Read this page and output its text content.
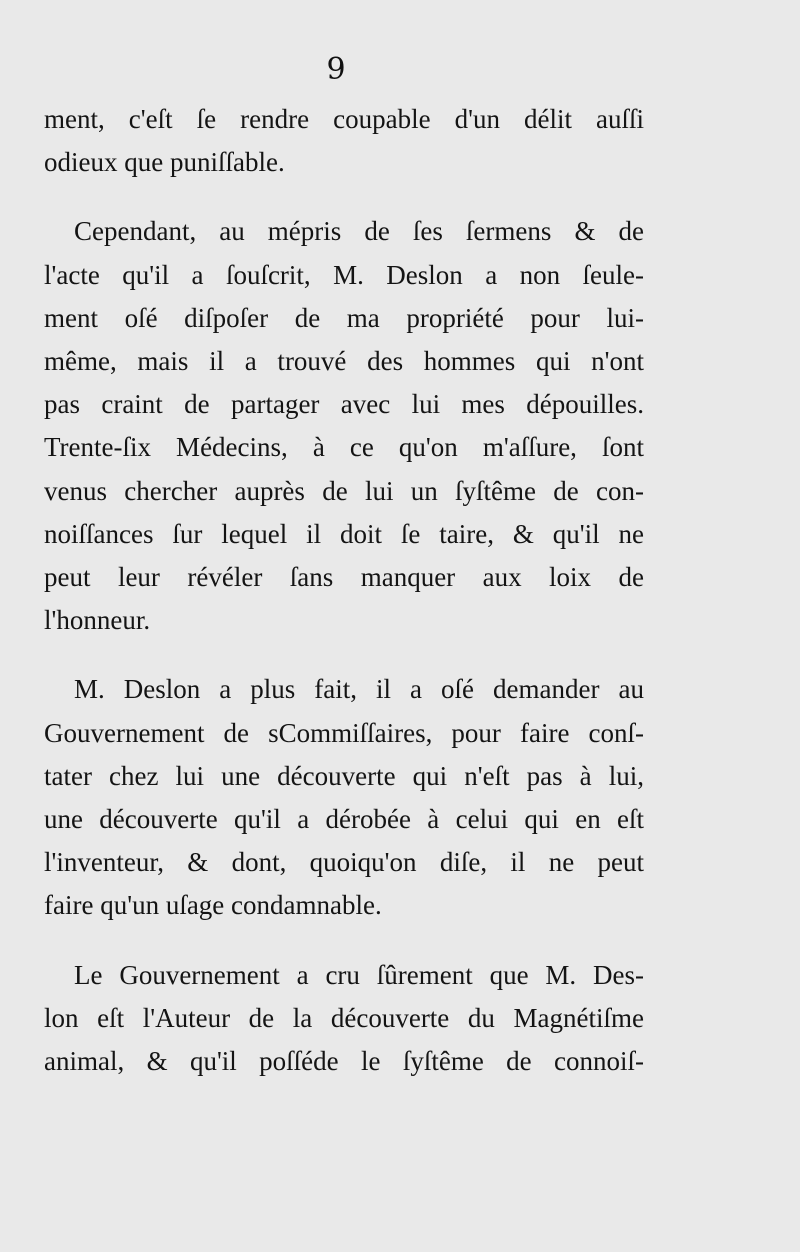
9
ment, c'eſt ſe rendre coupable d'un délit auſſi
odieux que puniſſable.
Cependant, au mépris de ſes ſermens & de
l'acte qu'il a ſouſcrit, M. Deslon a non ſeule-
ment oſé diſpoſer de ma propriété pour lui-
même, mais il a trouvé des hommes qui n'ont
pas craint de partager avec lui mes dépouilles.
Trente-ſix Médecins, à ce qu'on m'aſſure, ſont
venus chercher auprès de lui un ſyſtême de con-
noiſſances ſur lequel il doit ſe taire, & qu'il ne
peut leur révéler ſans manquer aux loix de
l'honneur.
M. Deslon a plus fait, il a oſé demander au
Gouvernement de sCommiſſaires, pour faire conſ-
tater chez lui une découverte qui n'eſt pas à lui,
une découverte qu'il a dérobée à celui qui en eſt
l'inventeur, & dont, quoiqu'on diſe, il ne peut
faire qu'un uſage condamnable.
Le Gouvernement a cru ſûrement que M. Des-
lon eſt l'Auteur de la découverte du Magnétiſme
animal, & qu'il poſſéde le ſyſtême de connoiſ-
